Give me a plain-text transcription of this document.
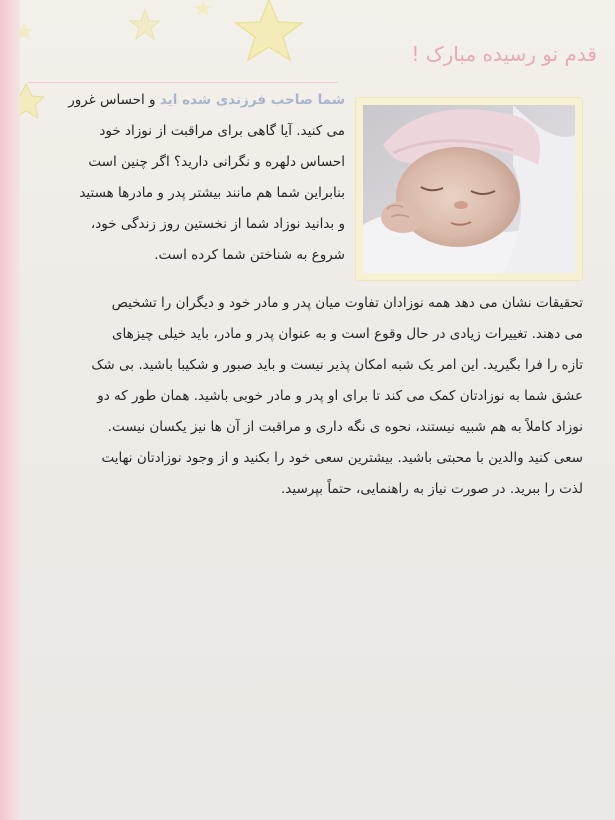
قدم نو رسیده مبارک !
شما صاحب فرزندی شده اید و احساس غرور
می کنید. آیا گاهی برای مراقبت از نوزاد خود
احساس دلهره و نگرانی دارید؟ اگر چنین است
بنابراین شما هم مانند بیشتر پدر و مادرها هستید
و بدانید نوزاد شما از نخستین روز زندگی خود،
شروع به شناختن شما کرده است.
تحقیقات نشان می دهد همه نوزادان تفاوت میان پدر و مادر خود و دیگران را تشخیص
می دهند. تغییرات زیادی در حال وقوع است و به عنوان پدر و مادر، باید خیلی چیزهای
تازه را فرا بگیرید. این امر یک شبه امکان پذیر نیست و باید صبور و شکیبا باشید. بی شک
عشق شما به نوزادتان کمک می کند تا برای او پدر و مادر خوبی باشید. همان طور که دو
نوزاد کاملاً به هم شبیه نیستند، نحوه ی نگه داری و مراقبت از آن ها نیز یکسان نیست.
سعی کنید والدین با محبتی باشید. بیشترین سعی خود را بکنید و از وجود نوزادتان نهایت
لذت را ببرید. در صورت نیاز به راهنمایی، حتماً بپرسید.
